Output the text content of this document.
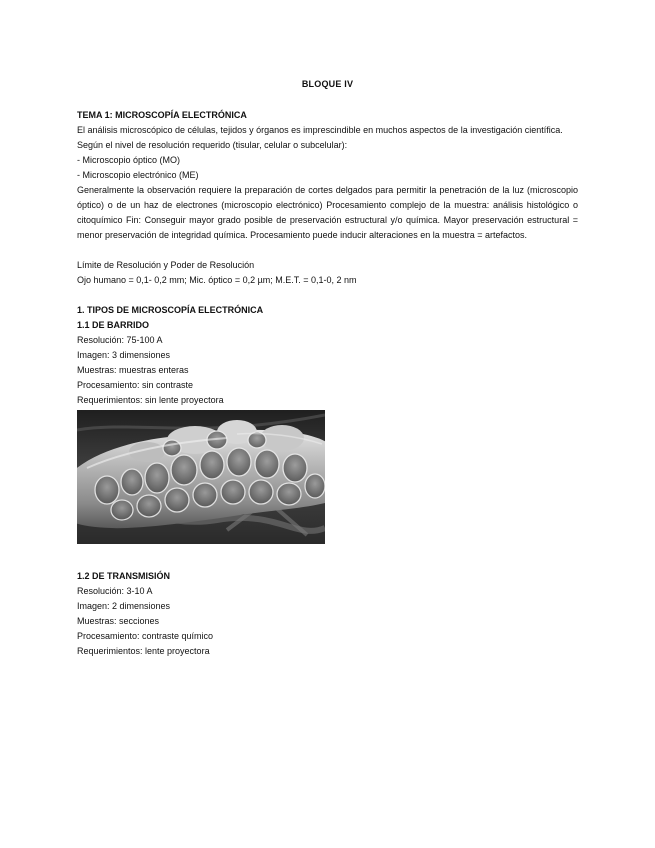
BLOQUE IV
TEMA 1: MICROSCOPÍA ELECTRÓNICA
El análisis microscópico de células, tejidos y órganos es imprescindible en muchos aspectos de la investigación científica.
Según el nivel de resolución requerido (tisular, celular o subcelular):
- Microscopio óptico (MO)
- Microscopio electrónico (ME)
Generalmente la observación requiere la preparación de cortes delgados para permitir la penetración de la luz (microscopio óptico) o de un haz de electrones (microscopio electrónico) Procesamiento complejo de la muestra: análisis histológico o citoquímico Fin: Conseguir mayor grado posible de preservación estructural y/o química. Mayor preservación estructural = menor preservación de integridad química. Procesamiento puede inducir alteraciones en la muestra = artefactos.
Límite de Resolución y Poder de Resolución
Ojo humano = 0,1- 0,2 mm; Mic. óptico = 0,2 µm; M.E.T. = 0,1-0, 2 nm
1. TIPOS DE MICROSCOPÍA ELECTRÓNICA
1.1 DE BARRIDO
Resolución: 75-100 A
Imagen: 3 dimensiones
Muestras: muestras enteras
Procesamiento: sin contraste
Requerimientos: sin lente proyectora
1.2 DE TRANSMISIÓN
Resolución: 3-10 A
Imagen: 2 dimensiones
Muestras: secciones
Procesamiento: contraste químico
Requerimientos: lente proyectora
